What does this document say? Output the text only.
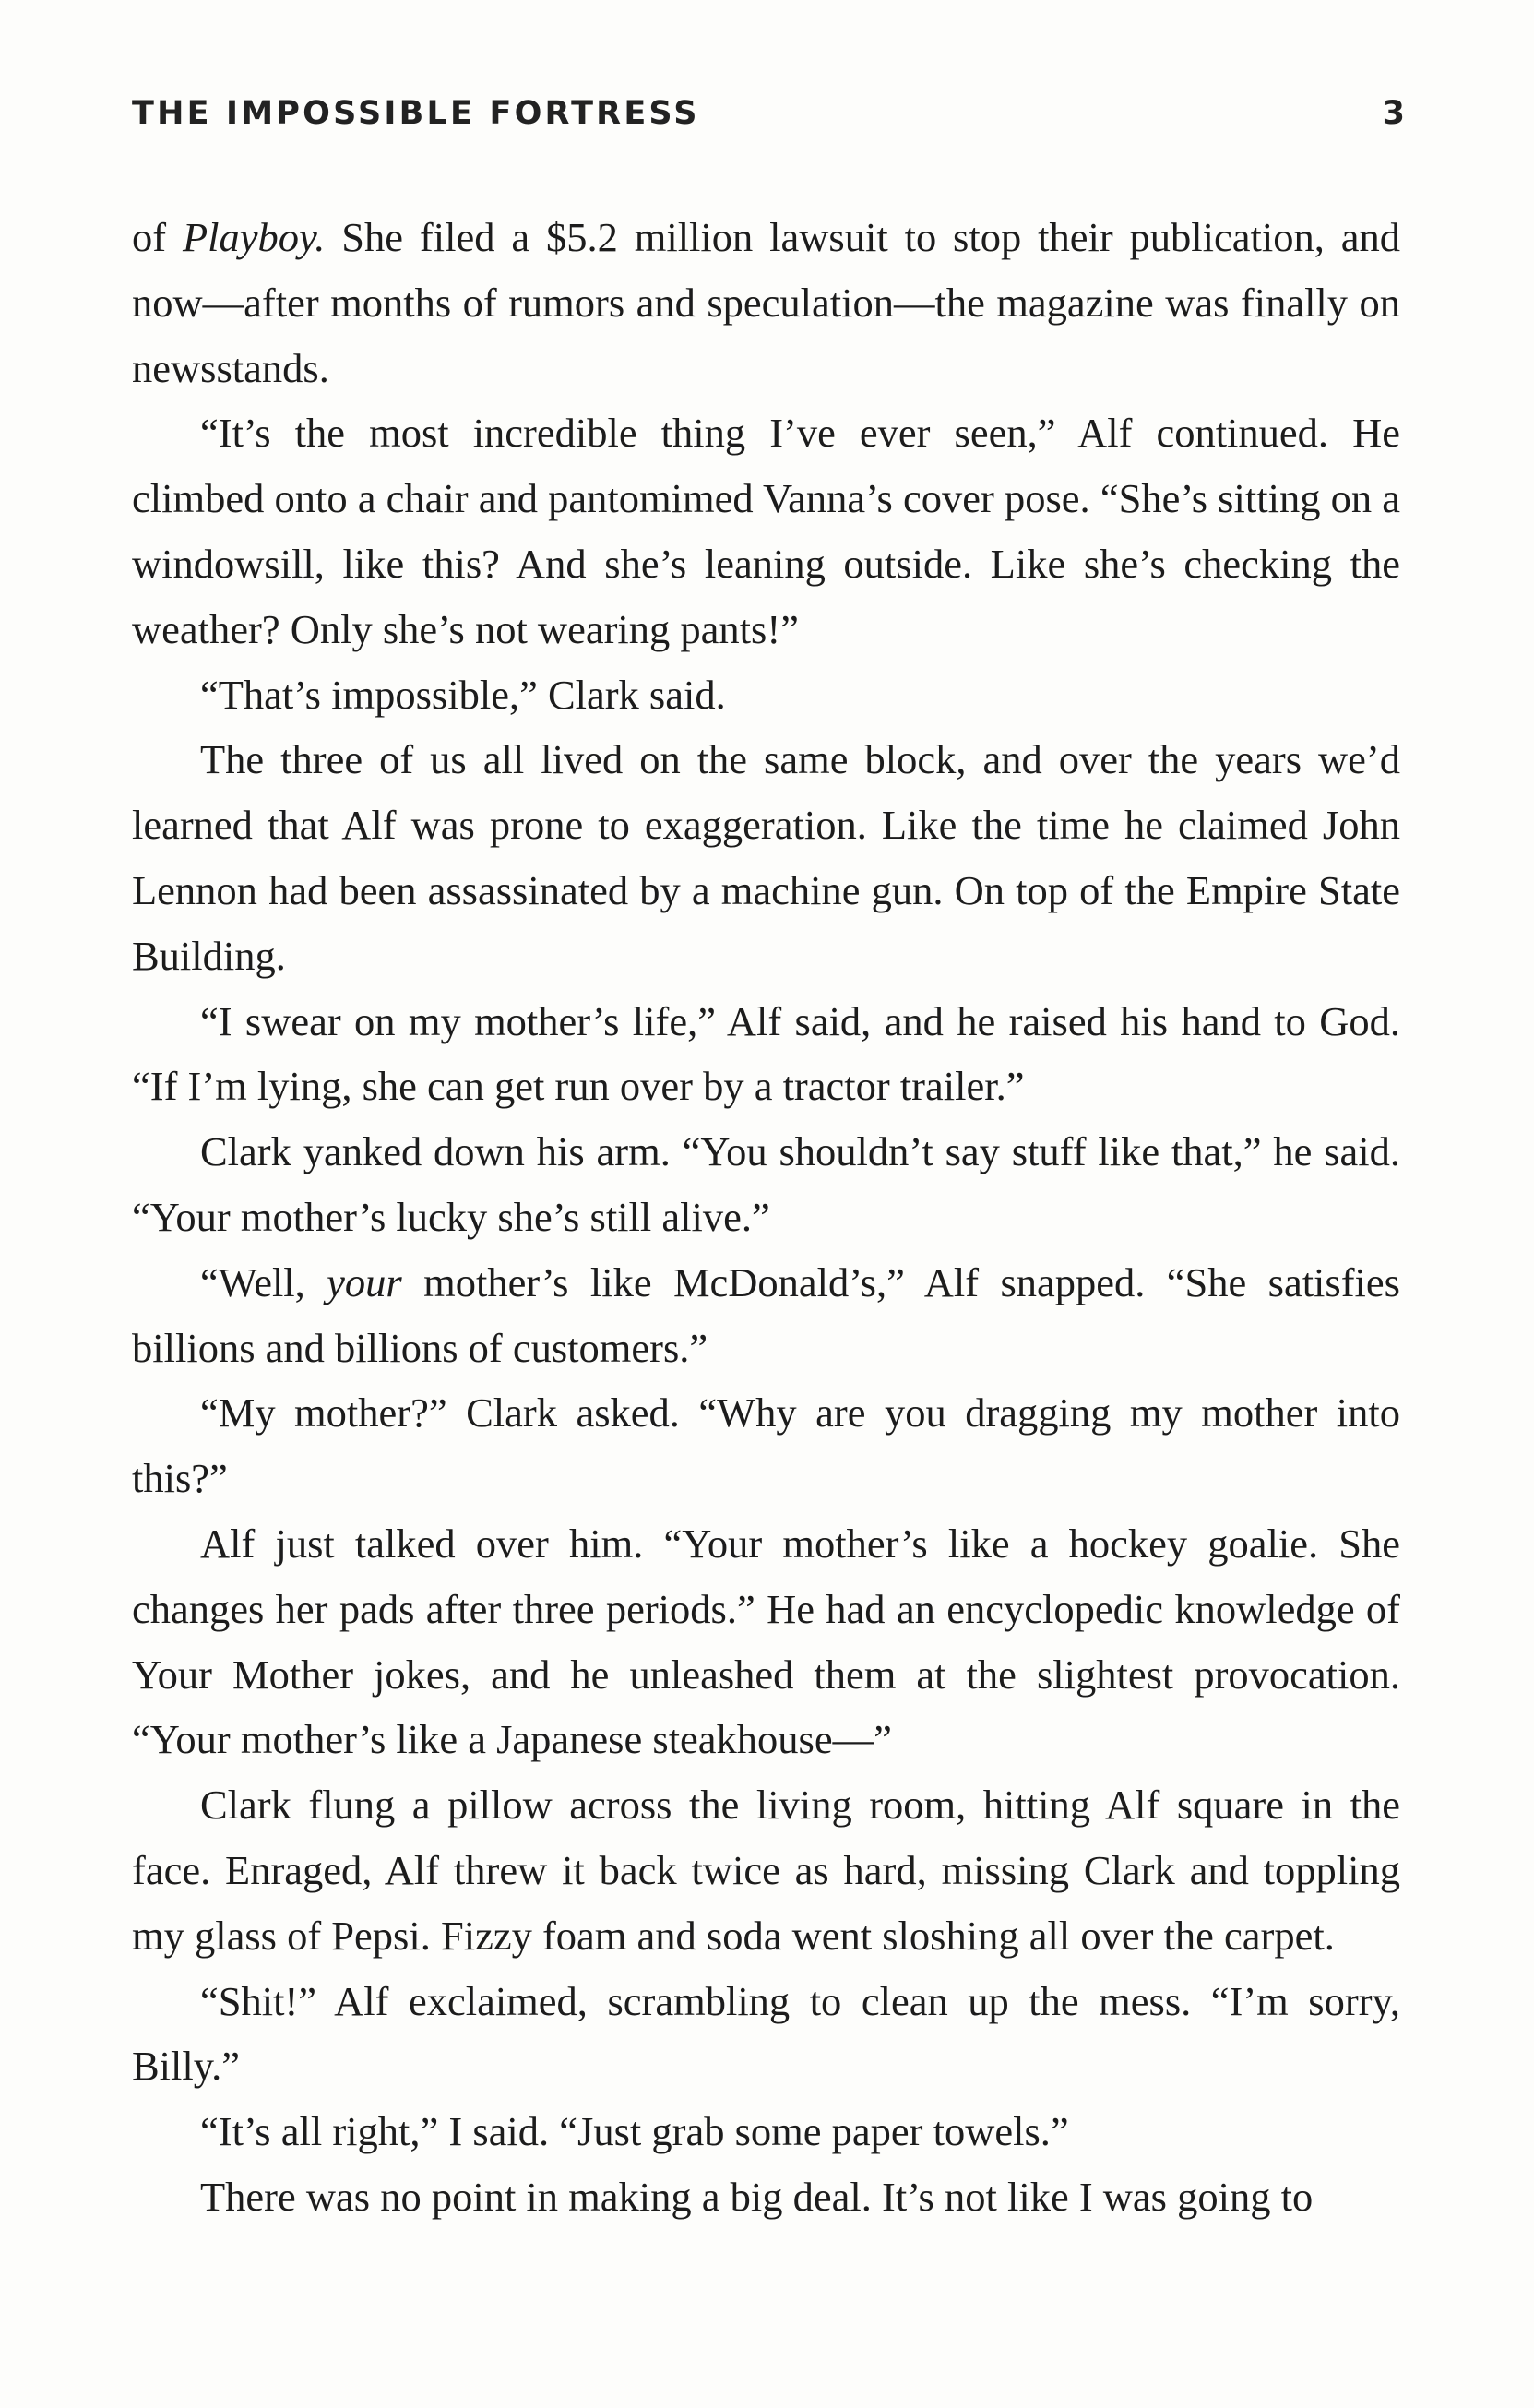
THE IMPOSSIBLE FORTRESS	3

of Playboy. She filed a $5.2 million lawsuit to stop their publication, and now—after months of rumors and speculation—the magazine was finally on newsstands.

“It’s the most incredible thing I’ve ever seen,” Alf continued. He climbed onto a chair and pantomimed Vanna’s cover pose. “She’s sitting on a windowsill, like this? And she’s leaning outside. Like she’s checking the weather? Only she’s not wearing pants!”

“That’s impossible,” Clark said.

The three of us all lived on the same block, and over the years we’d learned that Alf was prone to exaggeration. Like the time he claimed John Lennon had been assassinated by a machine gun. On top of the Empire State Building.

“I swear on my mother’s life,” Alf said, and he raised his hand to God. “If I’m lying, she can get run over by a tractor trailer.”

Clark yanked down his arm. “You shouldn’t say stuff like that,” he said. “Your mother’s lucky she’s still alive.”

“Well, your mother’s like McDonald’s,” Alf snapped. “She satisfies billions and billions of customers.”

“My mother?” Clark asked. “Why are you dragging my mother into this?”

Alf just talked over him. “Your mother’s like a hockey goalie. She changes her pads after three periods.” He had an encyclopedic knowledge of Your Mother jokes, and he unleashed them at the slightest provocation. “Your mother’s like a Japanese steakhouse—”

Clark flung a pillow across the living room, hitting Alf square in the face. Enraged, Alf threw it back twice as hard, missing Clark and toppling my glass of Pepsi. Fizzy foam and soda went sloshing all over the carpet.

“Shit!” Alf exclaimed, scrambling to clean up the mess. “I’m sorry, Billy.”

“It’s all right,” I said. “Just grab some paper towels.”

There was no point in making a big deal. It’s not like I was going to
